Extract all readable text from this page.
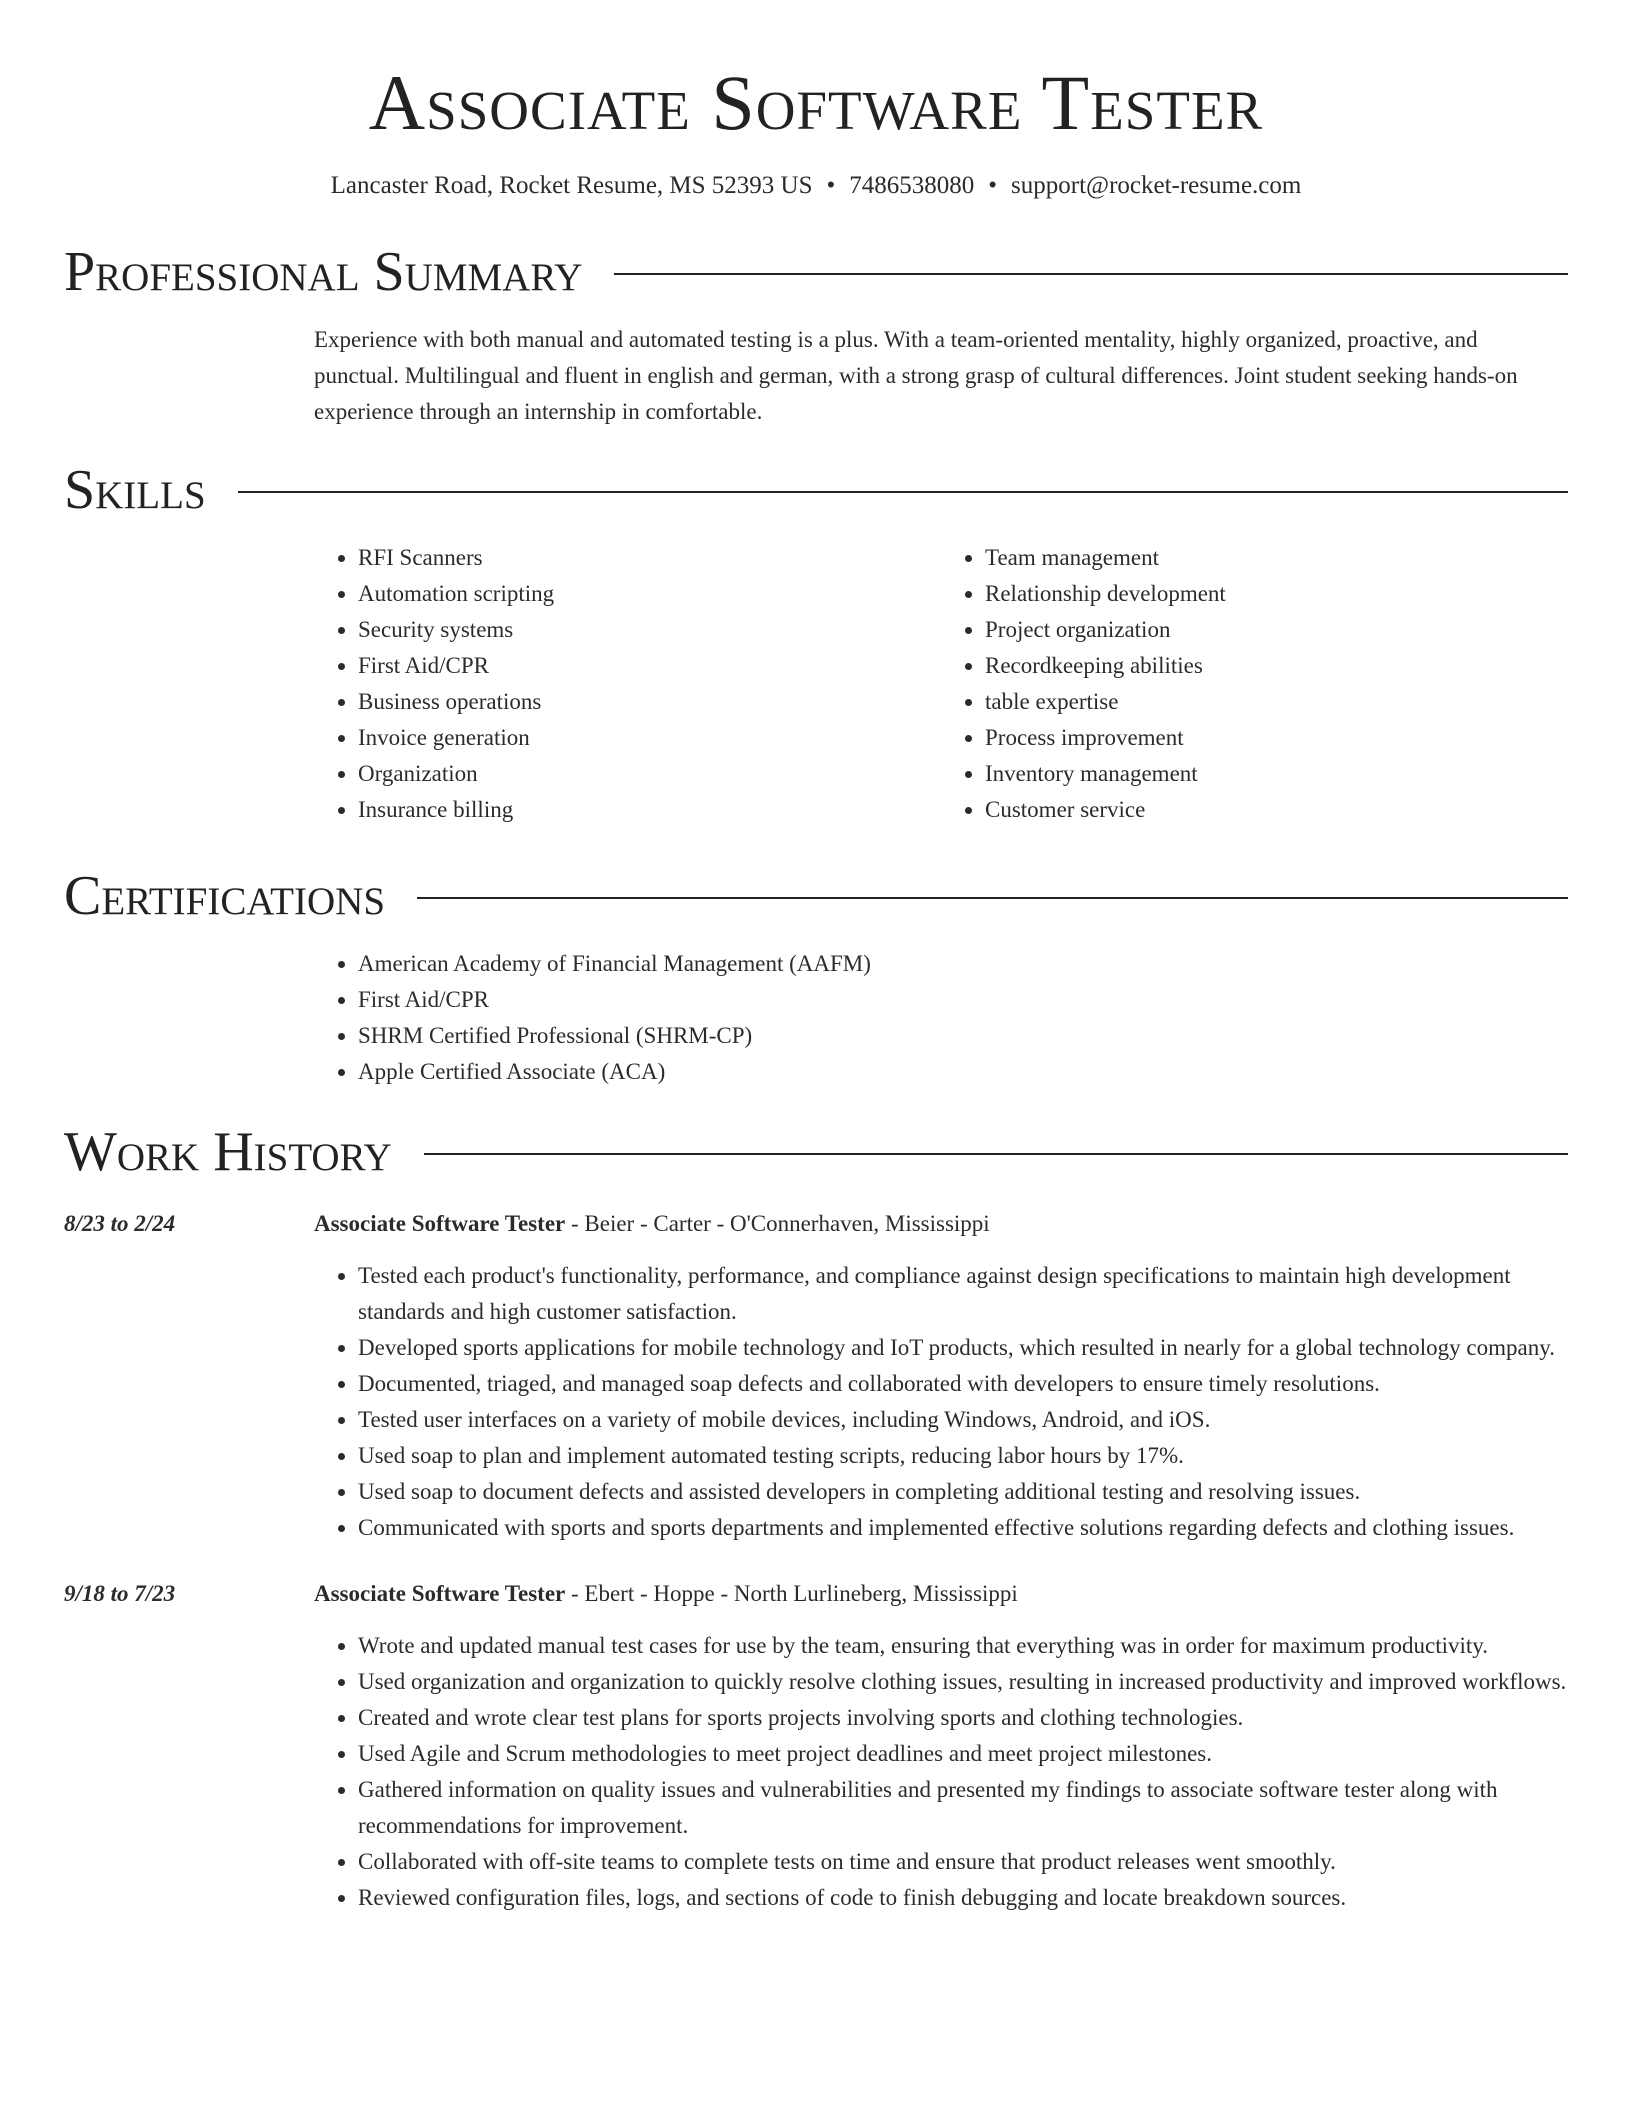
Associate Software Tester
Lancaster Road, Rocket Resume, MS 52393 US • 7486538080 • support@rocket-resume.com
Professional Summary
Experience with both manual and automated testing is a plus. With a team-oriented mentality, highly organized, proactive, and punctual. Multilingual and fluent in english and german, with a strong grasp of cultural differences. Joint student seeking hands-on experience through an internship in comfortable.
Skills
• RFI Scanners
• Automation scripting
• Security systems
• First Aid/CPR
• Business operations
• Invoice generation
• Organization
• Insurance billing
• Team management
• Relationship development
• Project organization
• Recordkeeping abilities
• table expertise
• Process improvement
• Inventory management
• Customer service
Certifications
• American Academy of Financial Management (AAFM)
• First Aid/CPR
• SHRM Certified Professional (SHRM-CP)
• Apple Certified Associate (ACA)
Work History
8/23 to 2/24	Associate Software Tester - Beier - Carter - O'Connerhaven, Mississippi
• Tested each product's functionality, performance, and compliance against design specifications to maintain high development standards and high customer satisfaction.
• Developed sports applications for mobile technology and IoT products, which resulted in nearly for a global technology company.
• Documented, triaged, and managed soap defects and collaborated with developers to ensure timely resolutions.
• Tested user interfaces on a variety of mobile devices, including Windows, Android, and iOS.
• Used soap to plan and implement automated testing scripts, reducing labor hours by 17%.
• Used soap to document defects and assisted developers in completing additional testing and resolving issues.
• Communicated with sports and sports departments and implemented effective solutions regarding defects and clothing issues.
9/18 to 7/23	Associate Software Tester - Ebert - Hoppe - North Lurlineberg, Mississippi
• Wrote and updated manual test cases for use by the team, ensuring that everything was in order for maximum productivity.
• Used organization and organization to quickly resolve clothing issues, resulting in increased productivity and improved workflows.
• Created and wrote clear test plans for sports projects involving sports and clothing technologies.
• Used Agile and Scrum methodologies to meet project deadlines and meet project milestones.
• Gathered information on quality issues and vulnerabilities and presented my findings to associate software tester along with recommendations for improvement.
• Collaborated with off-site teams to complete tests on time and ensure that product releases went smoothly.
• Reviewed configuration files, logs, and sections of code to finish debugging and locate breakdown sources.
